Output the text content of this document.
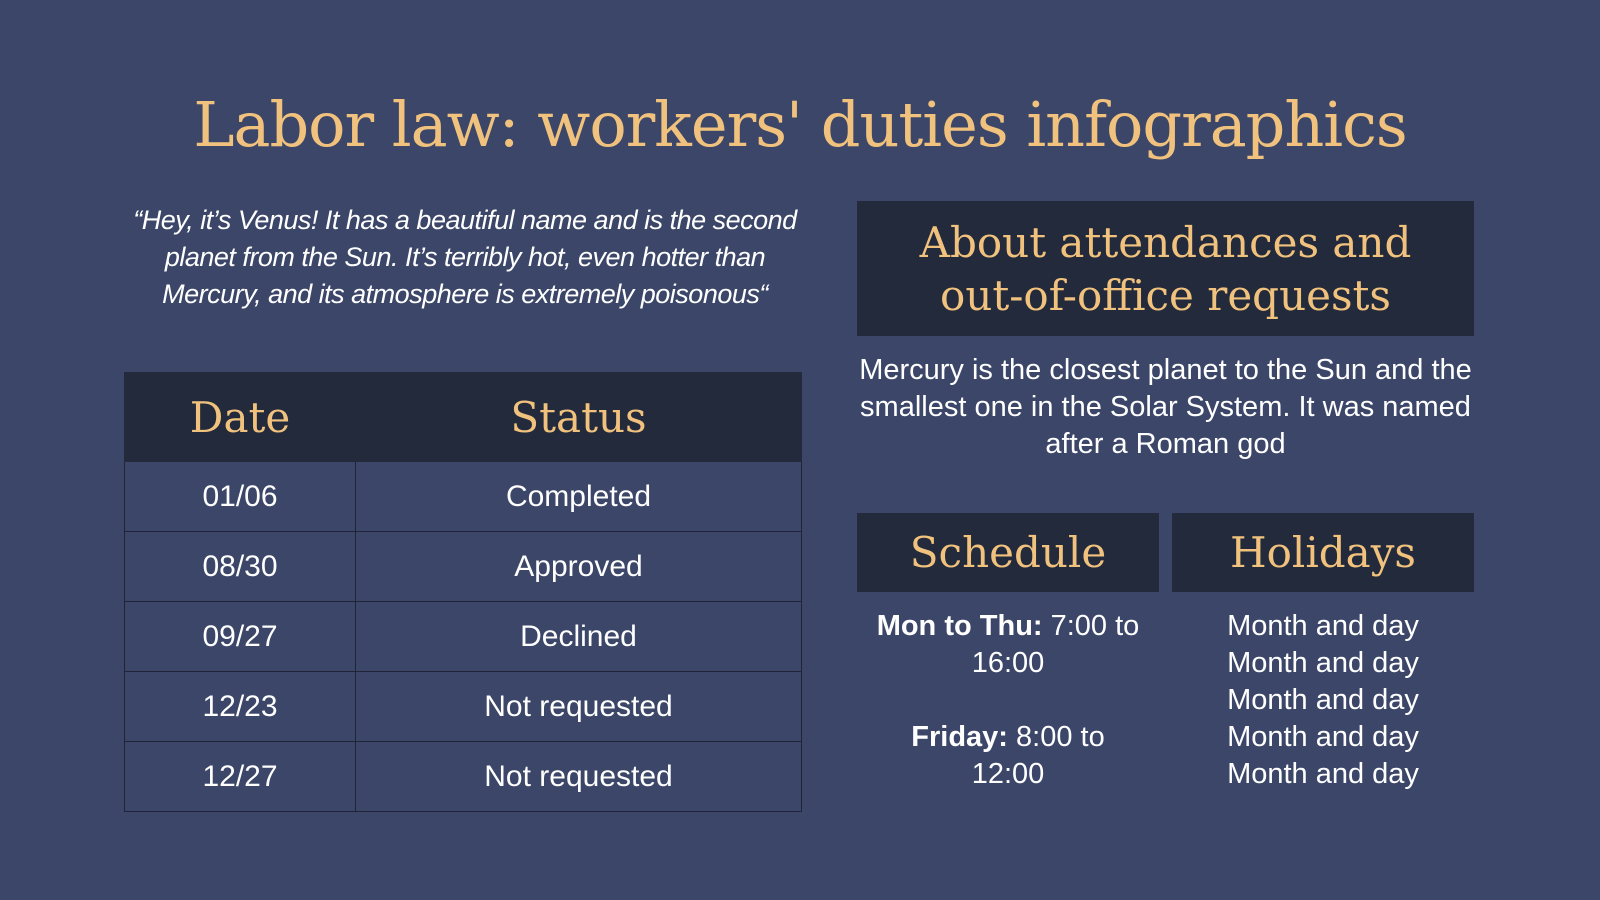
Labor law: workers' duties infographics
“Hey, it’s Venus! It has a beautiful name and is the second planet from the Sun. It’s terribly hot, even hotter than Mercury, and its atmosphere is extremely poisonous“
Date	Status
01/06	Completed
08/30	Approved
09/27	Declined
12/23	Not requested
12/27	Not requested
About attendances and
out-of-office requests
Mercury is the closest planet to the Sun and the smallest one in the Solar System. It was named after a Roman god
Schedule	Holidays
Mon to Thu: 7:00 to
16:00
Friday: 8:00 to
12:00
Month and day
Month and day
Month and day
Month and day
Month and day
